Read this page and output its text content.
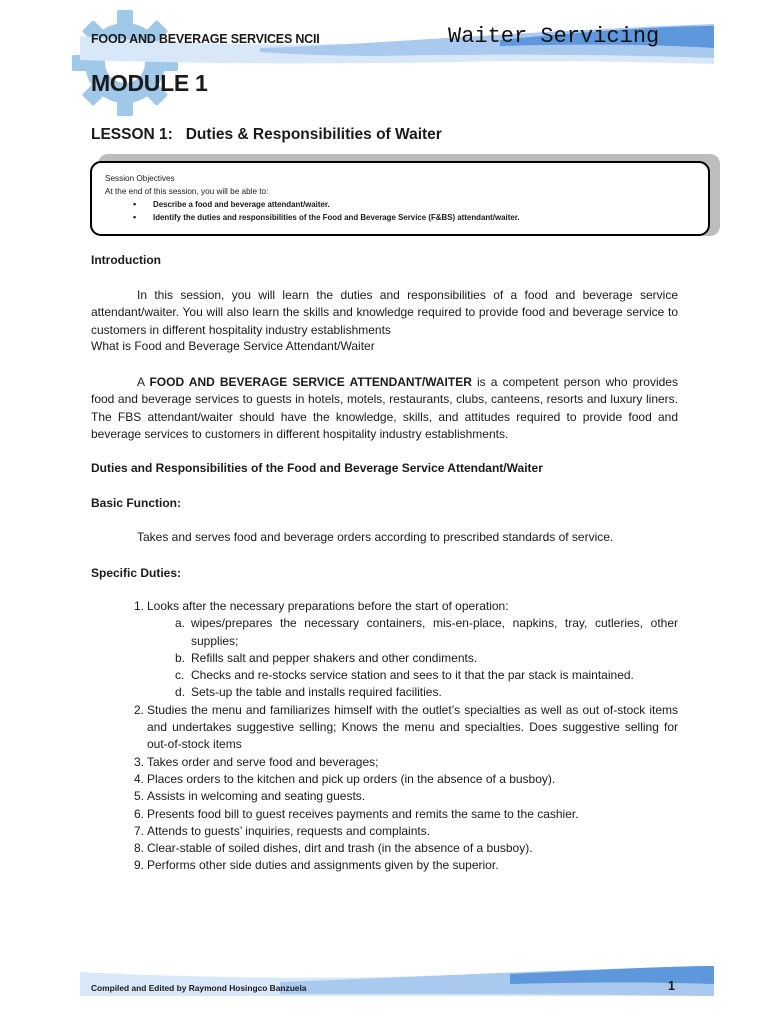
FOOD AND BEVERAGE SERVICES NCII	Waiter Servicing
MODULE 1
LESSON 1:   Duties & Responsibilities of Waiter
Session Objectives
At the end of this session, you will be able to:
• Describe a food and beverage attendant/waiter.
• Identify the duties and responsibilities of the Food and Beverage Service (F&BS) attendant/waiter.
Introduction

In this session, you will learn the duties and responsibilities of a food and beverage service attendant/waiter. You will also learn the skills and knowledge required to provide food and beverage service to customers in different hospitality industry establishments

What is Food and Beverage Service Attendant/Waiter

A FOOD AND BEVERAGE SERVICE ATTENDANT/WAITER is a competent person who provides food and beverage services to guests in hotels, motels, restaurants, clubs, canteens, resorts and luxury liners. The FBS attendant/waiter should have the knowledge, skills, and attitudes required to provide food and beverage services to customers in different hospitality industry establishments.

Duties and Responsibilities of the Food and Beverage Service Attendant/Waiter
Basic Function:
Takes and serves food and beverage orders according to prescribed standards of service.
Specific Duties:
1. Looks after the necessary preparations before the start of operation:
a. wipes/prepares the necessary containers, mis-en-place, napkins, tray, cutleries, other supplies;
b. Refills salt and pepper shakers and other condiments.
c. Checks and re-stocks service station and sees to it that the par stack is maintained.
d. Sets-up the table and installs required facilities.
2. Studies the menu and familiarizes himself with the outlet’s specialties as well as out of-stock items and undertakes suggestive selling; Knows the menu and specialties. Does suggestive selling for out-of-stock items
3. Takes order and serve food and beverages;
4. Places orders to the kitchen and pick up orders (in the absence of a busboy).
5. Assists in welcoming and seating guests.
6. Presents food bill to guest receives payments and remits the same to the cashier.
7. Attends to guests’ inquiries, requests and complaints.
8. Clear-stable of soiled dishes, dirt and trash (in the absence of a busboy).
9. Performs other side duties and assignments given by the superior.
Compiled and Edited by Raymond Hosingco Banzuela	1
